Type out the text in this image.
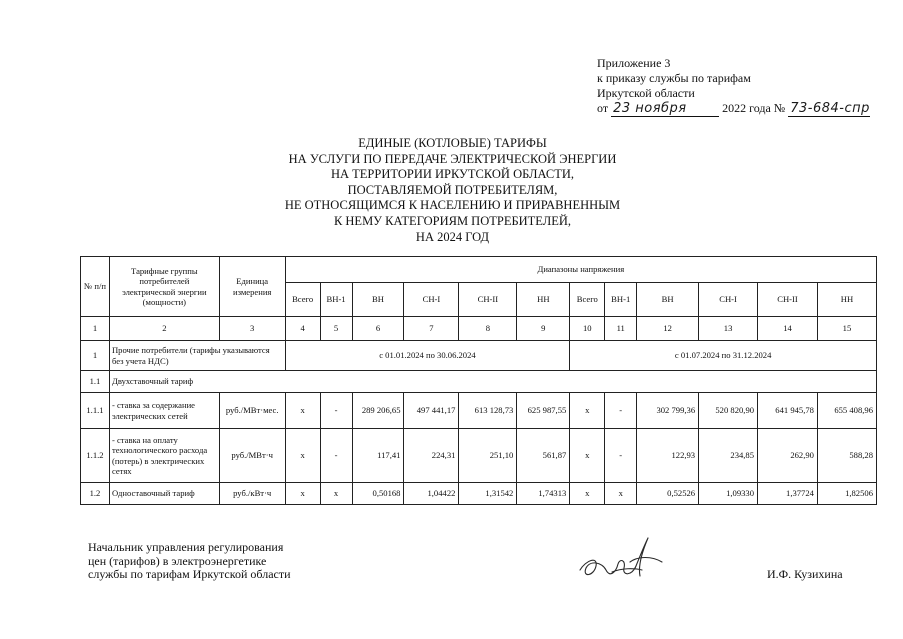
Приложение 3
к приказу службы по тарифам
Иркутской области
от 23 ноября	2022 года № 73-684-спр
ЕДИНЫЕ (КОТЛОВЫЕ) ТАРИФЫ
НА УСЛУГИ ПО ПЕРЕДАЧЕ ЭЛЕКТРИЧЕСКОЙ ЭНЕРГИИ
НА ТЕРРИТОРИИ ИРКУТСКОЙ ОБЛАСТИ,
ПОСТАВЛЯЕМОЙ ПОТРЕБИТЕЛЯМ,
НЕ ОТНОСЯЩИМСЯ К НАСЕЛЕНИЮ И ПРИРАВНЕННЫМ
К НЕМУ КАТЕГОРИЯМ ПОТРЕБИТЕЛЕЙ,
НА 2024 ГОД
№ п/п	Тарифные группы потребителей электрической энергии (мощности)	Единица измерения	Диапазоны напряжения											
			Всего	ВН-1	ВН	СН-I	СН-II	НН	Всего	ВН-1	ВН	СН-I	СН-II	НН
1	2	3	4	5	6	7	8	9	10	11	12	13	14	15
1	Прочие потребители (тарифы указываются без учета НДС)		с 01.01.2024 по 30.06.2024						с 01.07.2024 по 31.12.2024					
1.1	Двухставочный тариф													
1.1.1	- ставка за содержание электрических сетей	руб./МВт·мес.	х	-	289 206,65	497 441,17	613 128,73	625 987,55	х	-	302 799,36	520 820,90	641 945,78	655 408,96
1.1.2	- ставка на оплату технологического расхода (потерь) в электрических сетях	руб./МВт·ч	х	-	117,41	224,31	251,10	561,87	х	-	122,93	234,85	262,90	588,28
1.2	Одноставочный тариф	руб./кВт·ч	х	х	0,50168	1,04422	1,31542	1,74313	х	х	0,52526	1,09330	1,37724	1,82506
Начальник управления регулирования
цен (тарифов) в электроэнергетике
службы по тарифам Иркутской области	И.Ф. Кузихина
